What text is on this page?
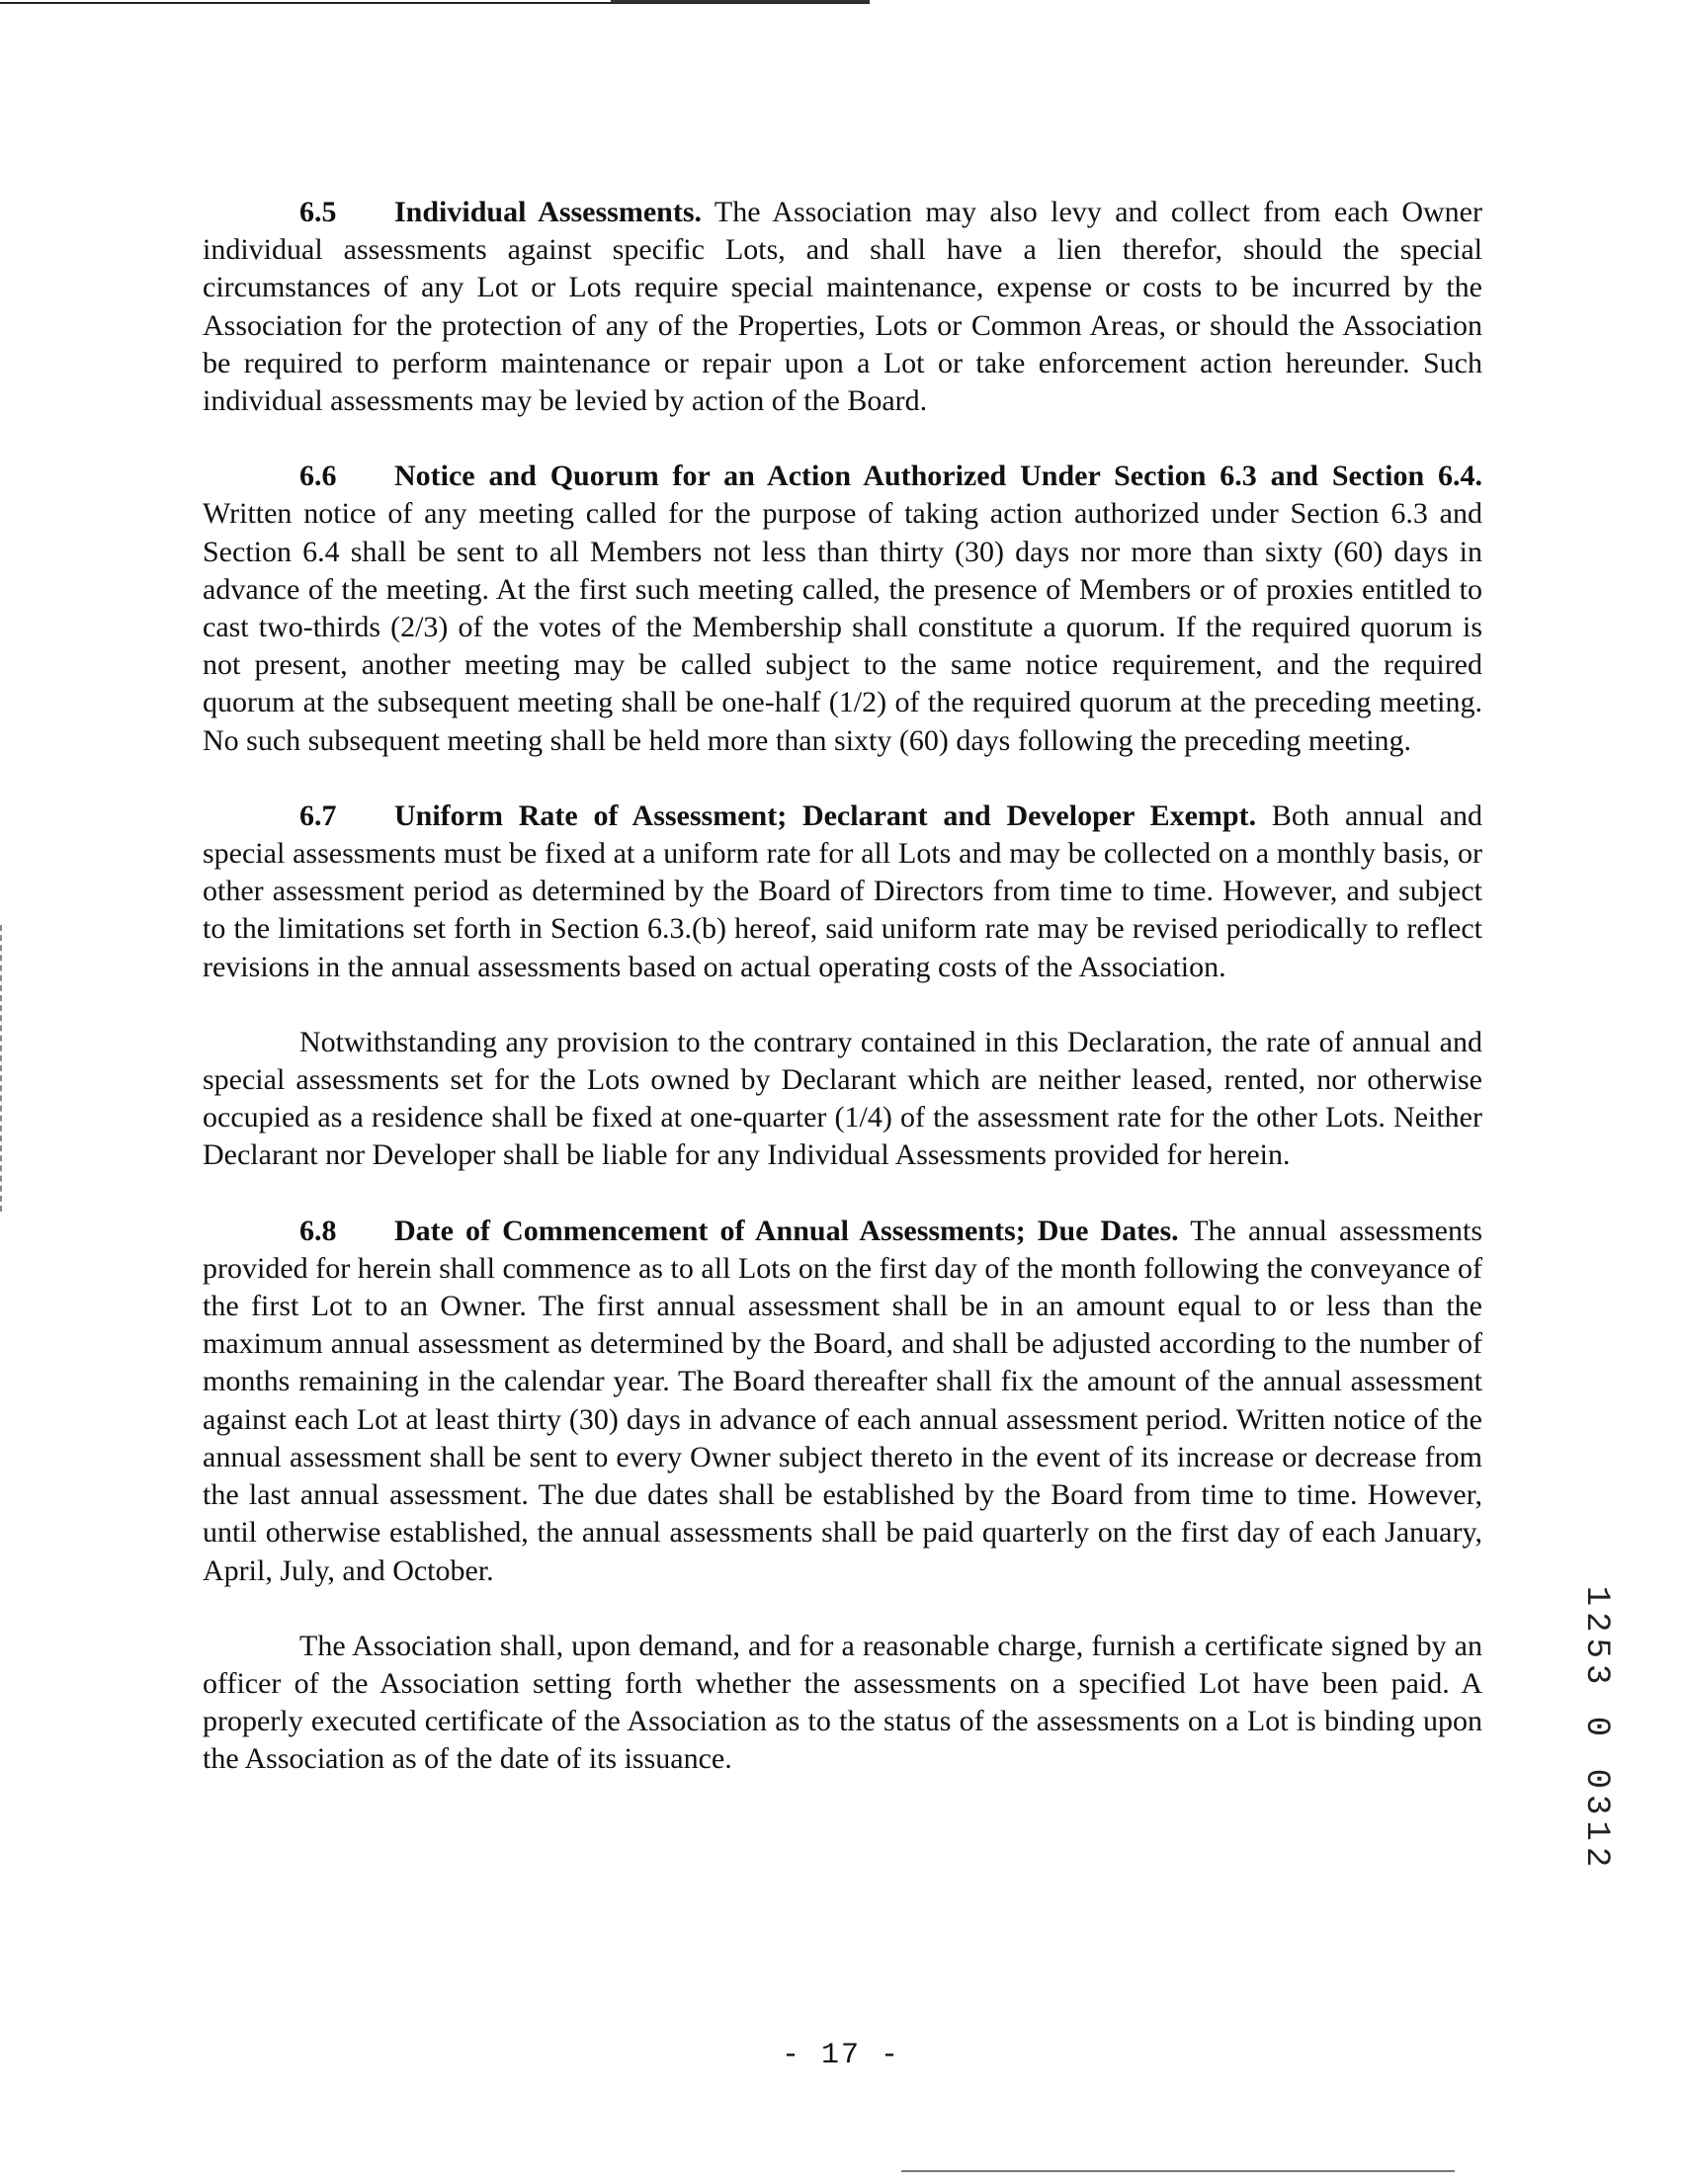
6.5 Individual Assessments. The Association may also levy and collect from each Owner individual assessments against specific Lots, and shall have a lien therefor, should the special circumstances of any Lot or Lots require special maintenance, expense or costs to be incurred by the Association for the protection of any of the Properties, Lots or Common Areas, or should the Association be required to perform maintenance or repair upon a Lot or take enforcement action hereunder. Such individual assessments may be levied by action of the Board.

6.6 Notice and Quorum for an Action Authorized Under Section 6.3 and Section 6.4. Written notice of any meeting called for the purpose of taking action authorized under Section 6.3 and Section 6.4 shall be sent to all Members not less than thirty (30) days nor more than sixty (60) days in advance of the meeting. At the first such meeting called, the presence of Members or of proxies entitled to cast two-thirds (2/3) of the votes of the Membership shall constitute a quorum. If the required quorum is not present, another meeting may be called subject to the same notice requirement, and the required quorum at the subsequent meeting shall be one-half (1/2) of the required quorum at the preceding meeting. No such subsequent meeting shall be held more than sixty (60) days following the preceding meeting.

6.7 Uniform Rate of Assessment; Declarant and Developer Exempt. Both annual and special assessments must be fixed at a uniform rate for all Lots and may be collected on a monthly basis, or other assessment period as determined by the Board of Directors from time to time. However, and subject to the limitations set forth in Section 6.3.(b) hereof, said uniform rate may be revised periodically to reflect revisions in the annual assessments based on actual operating costs of the Association.

Notwithstanding any provision to the contrary contained in this Declaration, the rate of annual and special assessments set for the Lots owned by Declarant which are neither leased, rented, nor otherwise occupied as a residence shall be fixed at one-quarter (1/4) of the assessment rate for the other Lots. Neither Declarant nor Developer shall be liable for any Individual Assessments provided for herein.

6.8 Date of Commencement of Annual Assessments; Due Dates. The annual assessments provided for herein shall commence as to all Lots on the first day of the month following the conveyance of the first Lot to an Owner. The first annual assessment shall be in an amount equal to or less than the maximum annual assessment as determined by the Board, and shall be adjusted according to the number of months remaining in the calendar year. The Board thereafter shall fix the amount of the annual assessment against each Lot at least thirty (30) days in advance of each annual assessment period. Written notice of the annual assessment shall be sent to every Owner subject thereto in the event of its increase or decrease from the last annual assessment. The due dates shall be established by the Board from time to time. However, until otherwise established, the annual assessments shall be paid quarterly on the first day of each January, April, July, and October.

The Association shall, upon demand, and for a reasonable charge, furnish a certificate signed by an officer of the Association setting forth whether the assessments on a specified Lot have been paid. A properly executed certificate of the Association as to the status of the assessments on a Lot is binding upon the Association as of the date of its issuance.	1253 0 0312
- 17 -
